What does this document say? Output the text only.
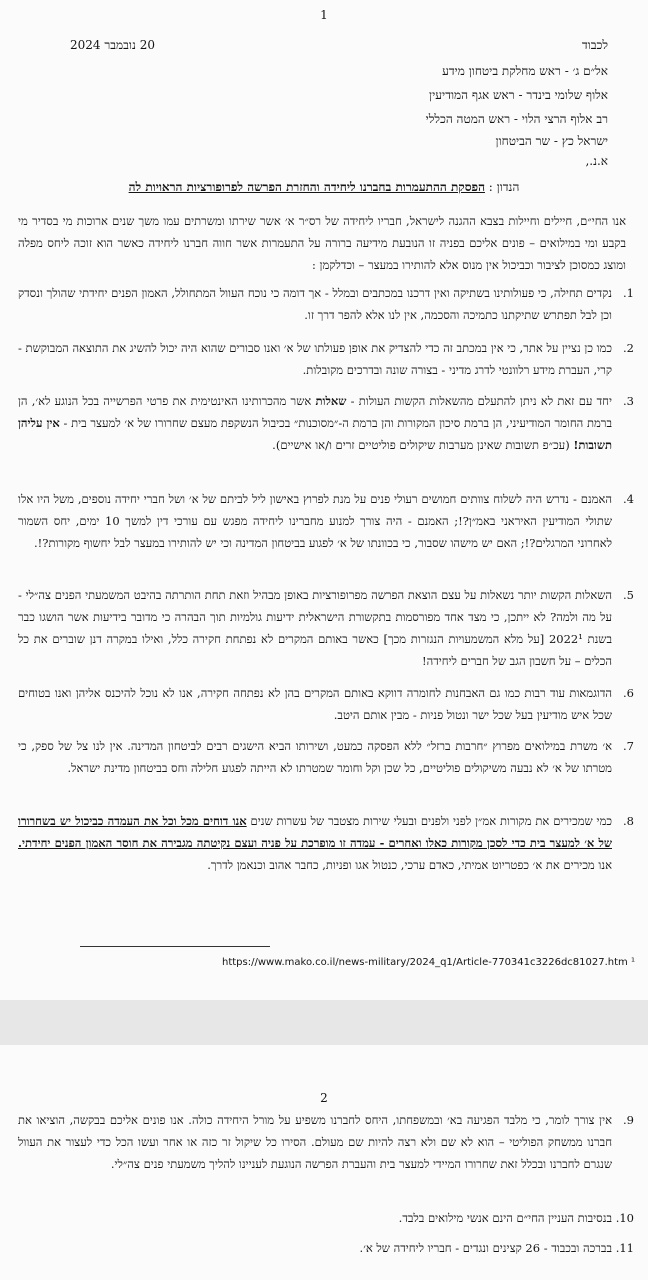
1
20 נובמבר 2024	לכבוד
אל״ם ג׳ - ראש מחלקת ביטחון מידע
אלוף שלומי בינדר - ראש אגף המודיעין
רב אלוף הרצי הלוי - ראש המטה הכללי
ישראל כץ - שר הביטחון
א.נ.,
הנדון : הפסקת ההתעמרות בחברנו ליחידה והחזרת הפרשה לפרופורציות הראויות לה
אנו החי״ם, חיילים וחיילות בצבא ההגנה לישראל, חבריו ליחידה של רס״ר א׳ אשר שירתו ומשרתים עמו משך שנים ארוכות מי בסדיר מי בקבע ומי במילואים – פונים אליכם בפניה זו הנובעת מידיעה ברורה על התעמרות אשר חווה חברנו ליחידה כאשר הוא זוכה ליחס מפלה ומוצג כמסוכן לציבור וכביכול אין מנוס אלא להותירו במעצר – וכדלקמן :
1.
נקדים תחילה, כי פעולותינו בשתיקה ואין דרכנו במכתבים ובמלל - אך דומה כי נוכח העוול המתחולל, האמון הפנים יחידתי שהולך ונסדק וכן לבל תפתרש שתיקתנו כתמיכה והסכמה, אין לנו אלא להפר דרך זו.
2.
כמו כן נציין על אתר, כי אין במכתב זה כדי להצדיק את אופן פעולתו של א׳ ואנו סבורים שהוא היה יכול להשיג את התוצאה המבוקשת - קרי, העברת מידע רלוונטי לדרג מדיני - בצורה שונה ובדרכים מקובלות.
3.
יחד עם זאת לא ניתן להתעלם מהשאלות הקשות העולות - שאלות אשר מהכרותינו האינטימית את פרטי הפרשייה בכל הנוגע לא׳, הן ברמת החומר המודיעיני, הן ברמת סיכון המקורות והן ברמת ה-״מסוכנות״ בכיבול הנשקפת מעצם שחרורו של א׳ למעצר בית - אין עליהן תשובות! (עכ״פ תשובות שאינן מערבות שיקולים פוליטיים זרים ו/או אישיים).
4.
האמנם - נדרש היה לשלוח צוותים חמושים רעולי פנים על מנת לפרוץ באישון ליל לביתם של א׳ ושל חברי יחידה נוספים, משל היו אלו שתולי המודיעין האיראני באמ״ן?!; האמנם - היה צורך למנוע מחברינו ליחידה מפגש עם עורכי דין למשך 10 ימים, יחס השמור לאחרוני המרגלים?!; האם יש מישהו שסבור, כי בכוונתו של א׳ לפגוע בביטחון המדינה וכי יש להותירו במעצר לבל יחשוף מקורות?!.
5.
השאלות הקשות יותר נשאלות על עצם הוצאת הפרשה מפרופורציות באופן מבהיל וזאת תחת הותרתה בהיבט המשמעתי הפנים צה״לי - על מה ולמה? לא ייתכן, כי מצד אחד מפורסמות בתקשורת הישראלית ידיעות גולמיות תוך הבהרה כי מדובר בידיעות אשר הושגו כבר בשנת 2022¹ [על מלא המשמעויות הנגזרות מכך] כאשר באותם המקרים לא נפתחת חקירה כלל, ואילו במקרה דנן שוברים את כל הכלים – על חשבון הגב של חברים ליחידה!
6.
הדוגמאות עוד רבות כמו גם האבחנות לחומרה דווקא באותם המקרים בהן לא נפתחה חקירה, אנו לא נוכל להיכנס אליהן ואנו בטוחים שכל איש מודיעין בעל שכל ישר ונטול פניות - מבין אותם היטב.
7.
א׳ משרת במילואים מפרוץ ״חרבות ברזל״ ללא הפסקה כמעט, ושירותו הביא הישגים רבים לביטחון המדינה. אין לנו צל של ספק, כי מטרתו של א׳ לא נבעה משיקולים פוליטיים, כל שכן וקל וחומר שמטרתו לא הייתה לפגוע חלילה וחס בביטחון מדינת ישראל.
8.
כמי שמכירים את מקורות אמ״ן לפני ולפנים ובעלי שירות מצטבר של עשרות שנים אנו דוחים מכל וכל את העמדה כביכול יש בשחרורו של א׳ למעצר בית כדי לסכן מקורות כאלו ואחרים - עמדה זו מופרכת על פניה ועצם נקיטתה מגבירה את חוסר האמון הפנים יחידתי. אנו מכירים את א׳ כפטריוט אמיתי, כאדם ערכי, כנטול אגו ופניות, כחבר אהוב וכנאמן לדרך.
https://www.mako.co.il/news-military/2024_q1/Article-770341c3226dc81027.htm ¹
2
9.
אין צורך לומר, כי מלבד הפגיעה בא׳ ובמשפחתו, היחס לחברנו משפיע על מורל היחידה כולה. אנו פונים אליכם בבקשה, הוציאו את חברנו ממשחק הפוליטי – הוא לא שם ולא רצה להיות שם מעולם. הסירו כל שיקול זר כזה או אחר ועשו הכל כדי לעצור את העוול שנגרם לחברנו ובכלל זאת שחרורו המיידי למעצר בית והעברת הפרשה הנוגעת לעניינו להליך משמעתי פנים צה״לי.
10.
בנסיבות העניין החי״ם הינם אנשי מילואים בלבד.
11.
בברכה ובכבוד - 26 קצינים ונגדים - חבריו ליחידה של א׳.
